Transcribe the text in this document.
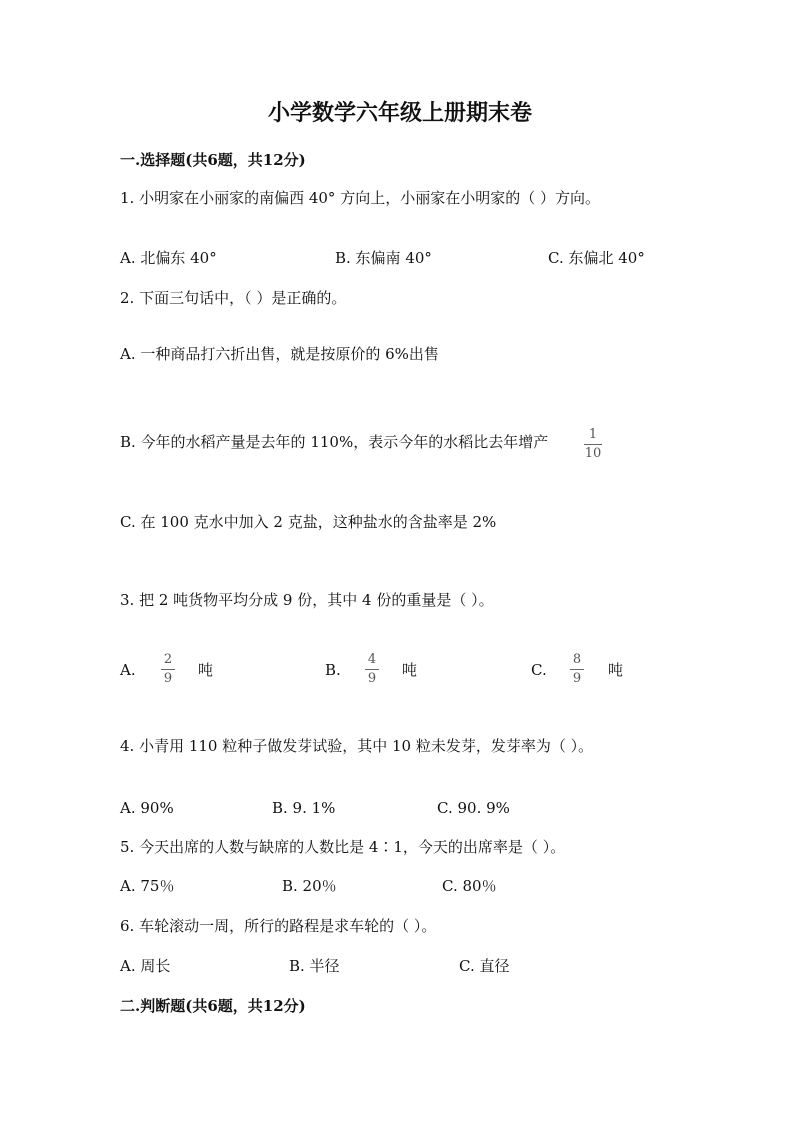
小学数学六年级上册期末卷
一.选择题(共6题，共12分)
1. 小明家在小丽家的南偏西 40° 方向上，小丽家在小明家的（ ）方向。
A. 北偏东 40°	B. 东偏南 40°	C. 东偏北 40°
2. 下面三句话中，（ ）是正确的。
A. 一种商品打六折出售，就是按原价的 6%出售
B. 今年的水稻产量是去年的 110%，表示今年的水稻比去年增产	1
10
C. 在 100 克水中加入 2 克盐，这种盐水的含盐率是 2%
3. 把 2 吨货物平均分成 9 份，其中 4 份的重量是（ ）。
A.
2
9 吨	B.
4
9 吨	C.
8
9 吨
4. 小青用 110 粒种子做发芽试验，其中 10 粒未发芽，发芽率为（ ）。
A. 90%	B. 9. 1%	C. 90. 9%
5. 今天出席的人数与缺席的人数比是 4∶1，今天的出席率是（ ）。
A. 75％	B. 20％	C. 80％
6. 车轮滚动一周，所行的路程是求车轮的（ ）。
A. 周长	B. 半径	C. 直径
二.判断题(共6题，共12分)
